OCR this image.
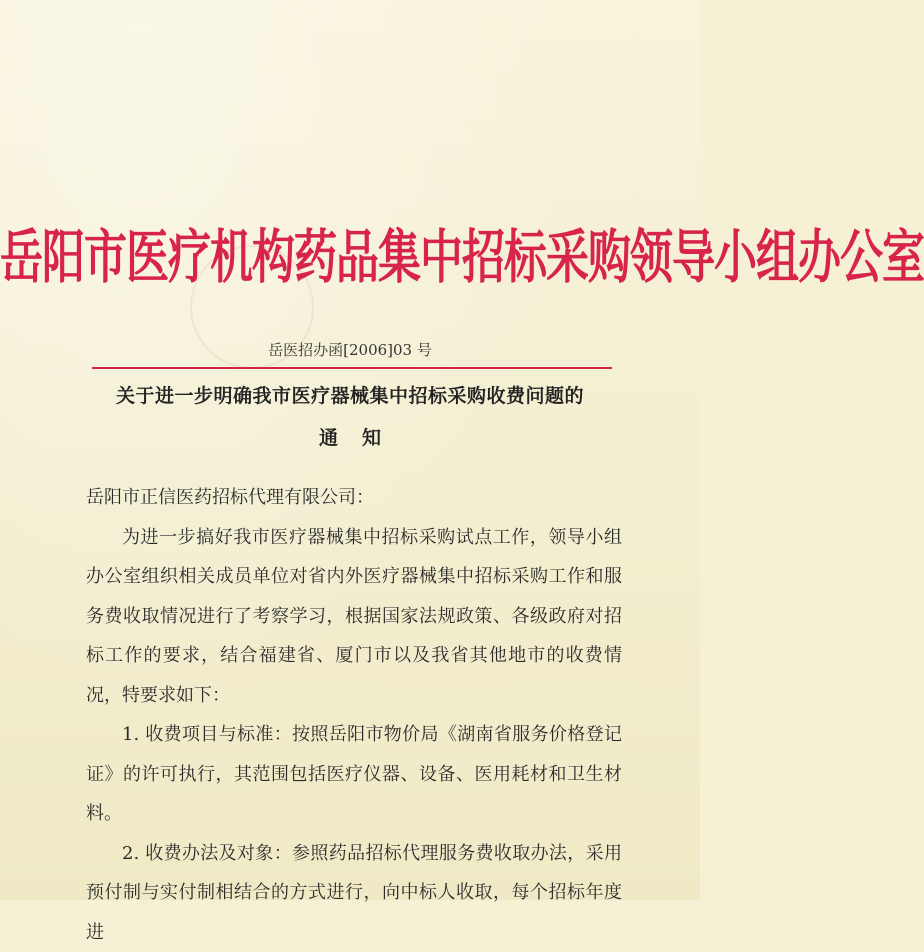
岳阳市医疗机构药品集中招标采购领导小组办公室
岳医招办函[2006]03 号
关于进一步明确我市医疗器械集中招标采购收费问题的
通知

岳阳市正信医药招标代理有限公司：

为进一步搞好我市医疗器械集中招标采购试点工作，领导小组办公室组织相关成员单位对省内外医疗器械集中招标采购工作和服务费收取情况进行了考察学习，根据国家法规政策、各级政府对招标工作的要求，结合福建省、厦门市以及我省其他地市的收费情况，特要求如下：

1. 收费项目与标准：按照岳阳市物价局《湖南省服务价格登记证》的许可执行，其范围包括医疗仪器、设备、医用耗材和卫生材料。

2. 收费办法及对象：参照药品招标代理服务费收取办法，采用预付制与实付制相结合的方式进行，向中标人收取，每个招标年度进
